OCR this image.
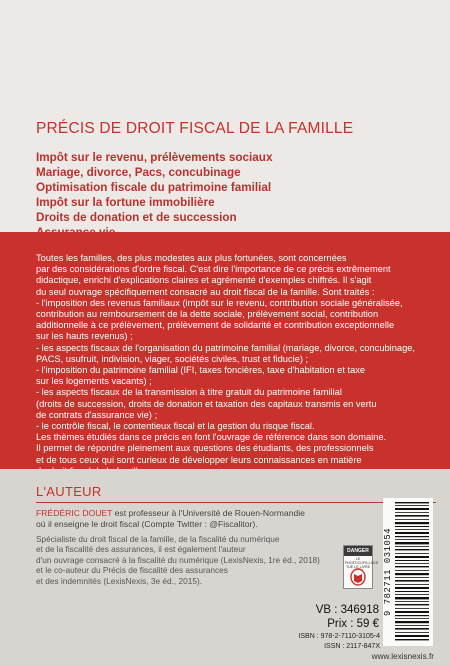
PRÉCIS DE DROIT FISCAL DE LA FAMILLE
Impôt sur le revenu, prélèvements sociaux
Mariage, divorce, Pacs, concubinage
Optimisation fiscale du patrimoine familial
Impôt sur la fortune immobilière
Droits de donation et de succession
Toutes les familles, des plus modestes aux plus fortunées, sont concernées
par des considérations d'ordre fiscal. C'est dire l'importance de ce précis extrêmement
didactique, enrichi d'explications claires et agrémenté d'exemples chiffrés. Il s'agit
du seul ouvrage spécifiquement consacré au droit fiscal de la famille. Sont traités :
- l'imposition des revenus familiaux (impôt sur le revenu, contribution sociale généralisée,
contribution au remboursement de la dette sociale, prélèvement social, contribution
additionnelle à ce prélèvement, prélèvement de solidarité et contribution exceptionnelle
sur les hauts revenus) ;
- les aspects fiscaux de l'organisation du patrimoine familial (mariage, divorce, concubinage,
PACS, usufruit, indivision, viager, sociétés civiles, trust et fiducie) ;
- l'imposition du patrimoine familial (IFI, taxes foncières, taxe d'habitation et taxe
sur les logements vacants) ;
- les aspects fiscaux de la transmission à titre gratuit du patrimoine familial
(droits de succession, droits de donation et taxation des capitaux transmis en vertu
de contrats d'assurance vie) ;
- le contrôle fiscal, le contentieux fiscal et la gestion du risque fiscal.
Les thèmes étudiés dans ce précis en font l'ouvrage de référence dans son domaine.
Il permet de répondre pleinement aux questions des étudiants, des professionnels
et de tous ceux qui sont curieux de développer leurs connaissances en matière
L'AUTEUR
FRÉDÉRIC DOUET est professeur à l'Université de Rouen-Normandie
où il enseigne le droit fiscal (Compte Twitter : @Fiscalitor).
Spécialiste du droit fiscal de la famille, de la fiscalité du numérique
et de la fiscalité des assurances, il est également l'auteur
d'un ouvrage consacré à la fiscalité du numérique (LexisNexis, 1re éd., 2018)
et le co-auteur du Précis de fiscalité des assurances
et des indemnités (LexisNexis, 3e éd., 2015).
DANGER
LE PHOTOCOPILLAGE TUE LE LIVRE 9 782711 031054
VB : 346918
Prix : 59 €
ISBN : 978-2-7110-3105-4
ISSN : 2117-847X
www.lexisnexis.fr
